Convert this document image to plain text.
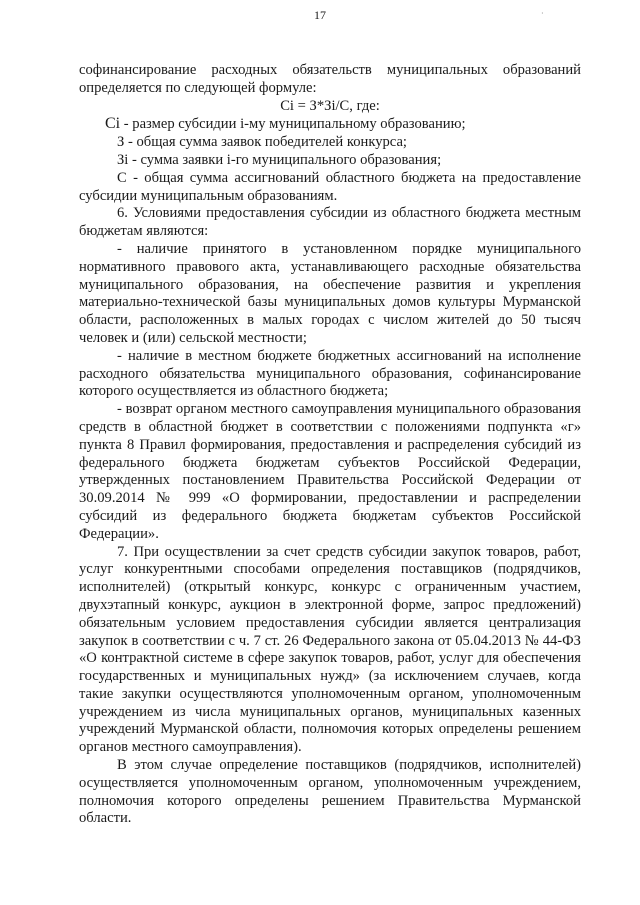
17	·

софинансирование расходных обязательств муниципальных образований определяется по следующей формуле:

Сi = З*Зi/С, где:

Сi - размер субсидии i-му муниципальному образованию;

З - общая сумма заявок победителей конкурса;

Зi - сумма заявки i-го муниципального образования;

С - общая сумма ассигнований областного бюджета на предоставление субсидии муниципальным образованиям.

6. Условиями предоставления субсидии из областного бюджета местным бюджетам являются:

- наличие принятого в установленном порядке муниципального нормативного правового акта, устанавливающего расходные обязательства муниципального образования, на обеспечение развития и укрепления материально-технической базы муниципальных домов культуры Мурманской области, расположенных в малых городах с числом жителей до 50 тысяч человек и (или) сельской местности;

- наличие в местном бюджете бюджетных ассигнований на исполнение расходного обязательства муниципального образования, софинансирование которого осуществляется из областного бюджета;

- возврат органом местного самоуправления муниципального образования средств в областной бюджет в соответствии с положениями подпункта «г» пункта 8 Правил формирования, предоставления и распределения субсидий из федерального бюджета бюджетам субъектов Российской Федерации, утвержденных постановлением Правительства Российской Федерации от 30.09.2014 № 999 «О формировании, предоставлении и распределении субсидий из федерального бюджета бюджетам субъектов Российской Федерации».

7. При осуществлении за счет средств субсидии закупок товаров, работ, услуг конкурентными способами определения поставщиков (подрядчиков, исполнителей) (открытый конкурс, конкурс с ограниченным участием, двухэтапный конкурс, аукцион в электронной форме, запрос предложений) обязательным условием предоставления субсидии является централизация закупок в соответствии с ч. 7 ст. 26 Федерального закона от 05.04.2013 № 44-ФЗ «О контрактной системе в сфере закупок товаров, работ, услуг для обеспечения государственных и муниципальных нужд» (за исключением случаев, когда такие закупки осуществляются уполномоченным органом, уполномоченным учреждением из числа муниципальных органов, муниципальных казенных учреждений Мурманской области, полномочия которых определены решением органов местного самоуправления).

В этом случае определение поставщиков (подрядчиков, исполнителей) осуществляется уполномоченным органом, уполномоченным учреждением, полномочия которого определены решением Правительства Мурманской области.
